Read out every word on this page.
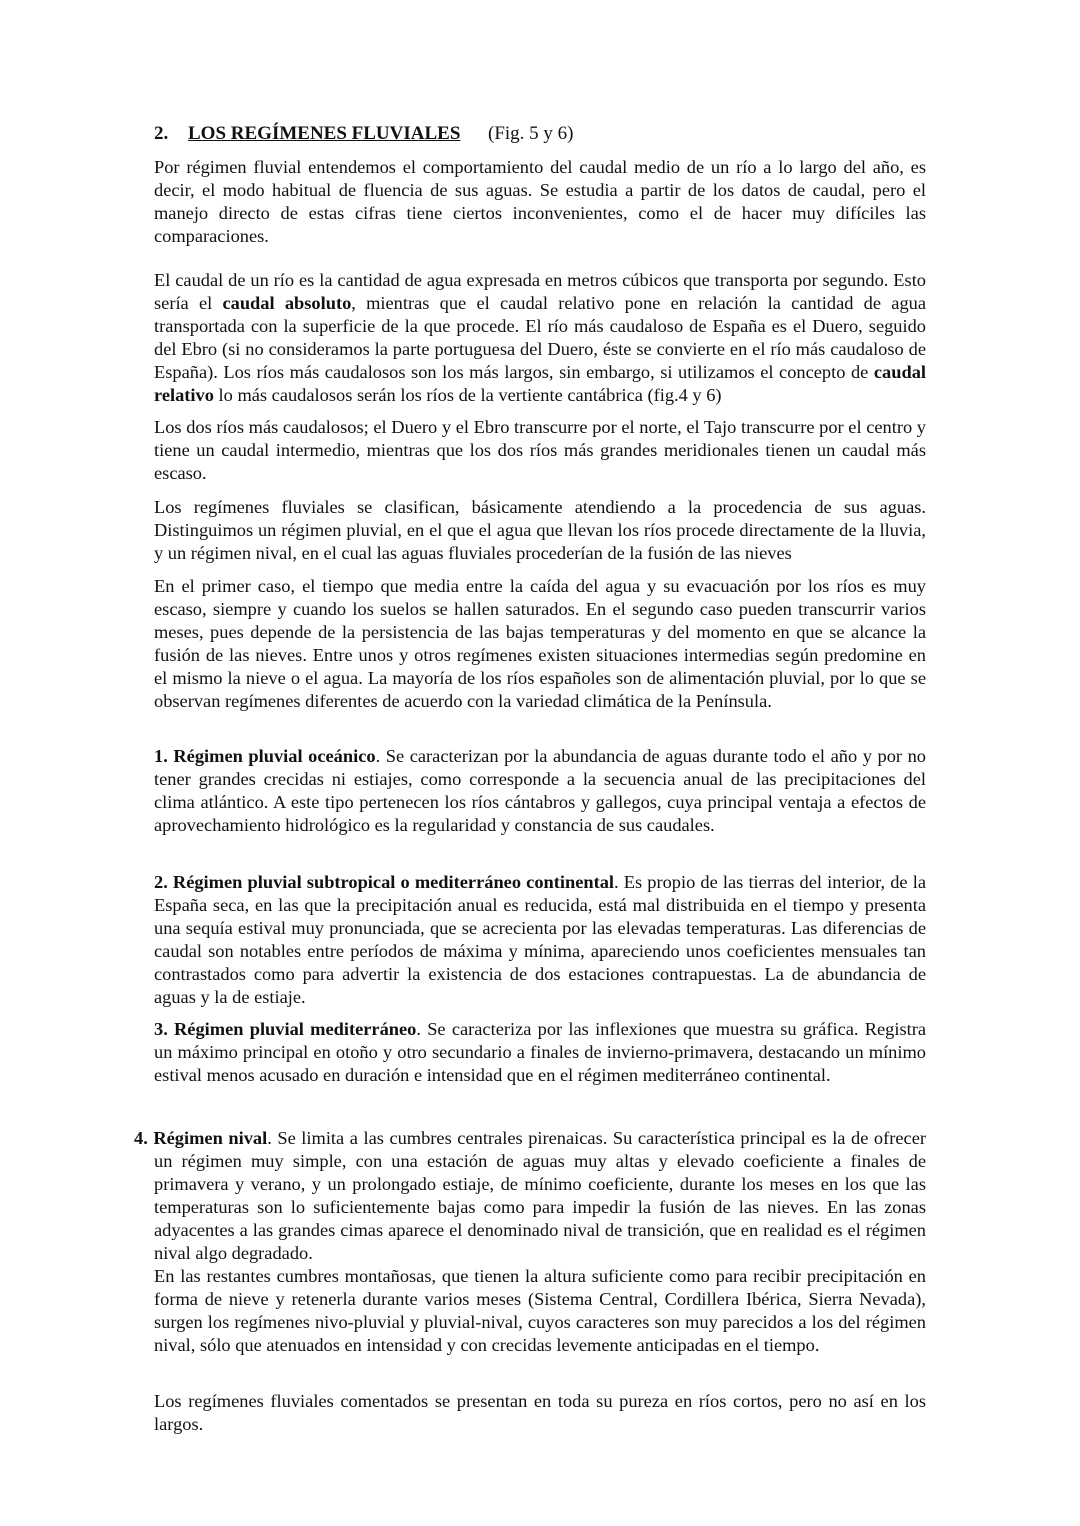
2. LOS REGÍMENES FLUVIALES (Fig. 5 y 6)

Por régimen fluvial entendemos el comportamiento del caudal medio de un río a lo largo del año, es decir, el modo habitual de fluencia de sus aguas. Se estudia a partir de los datos de caudal, pero el manejo directo de estas cifras tiene ciertos inconvenientes, como el de hacer muy difíciles las comparaciones.

El caudal de un río es la cantidad de agua expresada en metros cúbicos que transporta por segundo. Esto sería el caudal absoluto, mientras que el caudal relativo pone en relación la cantidad de agua transportada con la superficie de la que procede. El río más caudaloso de España es el Duero, seguido del Ebro (si no consideramos la parte portuguesa del Duero, éste se convierte en el río más caudaloso de España). Los ríos más caudalosos son los más largos, sin embargo, si utilizamos el concepto de caudal relativo lo más caudalosos serán los ríos de la vertiente cantábrica (fig.4 y 6)

Los dos ríos más caudalosos; el Duero y el Ebro transcurre por el norte, el Tajo transcurre por el centro y tiene un caudal intermedio, mientras que los dos ríos más grandes meridionales tienen un caudal más escaso.

Los regímenes fluviales se clasifican, básicamente atendiendo a la procedencia de sus aguas. Distinguimos un régimen pluvial, en el que el agua que llevan los ríos procede directamente de la lluvia, y un régimen nival, en el cual las aguas fluviales procederían de la fusión de las nieves

En el primer caso, el tiempo que media entre la caída del agua y su evacuación por los ríos es muy escaso, siempre y cuando los suelos se hallen saturados. En el segundo caso pueden transcurrir varios meses, pues depende de la persistencia de las bajas temperaturas y del momento en que se alcance la fusión de las nieves. Entre unos y otros regímenes existen situaciones intermedias según predomine en el mismo la nieve o el agua. La mayoría de los ríos españoles son de alimentación pluvial, por lo que se observan regímenes diferentes de acuerdo con la variedad climática de la Península.

1. Régimen pluvial oceánico. Se caracterizan por la abundancia de aguas durante todo el año y por no tener grandes crecidas ni estiajes, como corresponde a la secuencia anual de las precipitaciones del clima atlántico. A este tipo pertenecen los ríos cántabros y gallegos, cuya principal ventaja a efectos de aprovechamiento hidrológico es la regularidad y constancia de sus caudales.

2. Régimen pluvial subtropical o mediterráneo continental. Es propio de las tierras del interior, de la España seca, en las que la precipitación anual es reducida, está mal distribuida en el tiempo y presenta una sequía estival muy pronunciada, que se acrecienta por las elevadas temperaturas. Las diferencias de caudal son notables entre períodos de máxima y mínima, apareciendo unos coeficientes mensuales tan contrastados como para advertir la existencia de dos estaciones contrapuestas. La de abundancia de aguas y la de estiaje.

3. Régimen pluvial mediterráneo. Se caracteriza por las inflexiones que muestra su gráfica. Registra un máximo principal en otoño y otro secundario a finales de invierno-primavera, destacando un mínimo estival menos acusado en duración e intensidad que en el régimen mediterráneo continental.

4. Régimen nival. Se limita a las cumbres centrales pirenaicas. Su característica principal es la de ofrecer un régimen muy simple, con una estación de aguas muy altas y elevado coeficiente a finales de primavera y verano, y un prolongado estiaje, de mínimo coeficiente, durante los meses en los que las temperaturas son lo suficientemente bajas como para impedir la fusión de las nieves. En las zonas adyacentes a las grandes cimas aparece el denominado nival de transición, que en realidad es el régimen nival algo degradado.
En las restantes cumbres montañosas, que tienen la altura suficiente como para recibir precipitación en forma de nieve y retenerla durante varios meses (Sistema Central, Cordillera Ibérica, Sierra Nevada), surgen los regímenes nivo-pluvial y pluvial-nival, cuyos caracteres son muy parecidos a los del régimen nival, sólo que atenuados en intensidad y con crecidas levemente anticipadas en el tiempo.

Los regímenes fluviales comentados se presentan en toda su pureza en ríos cortos, pero no así en los largos.
